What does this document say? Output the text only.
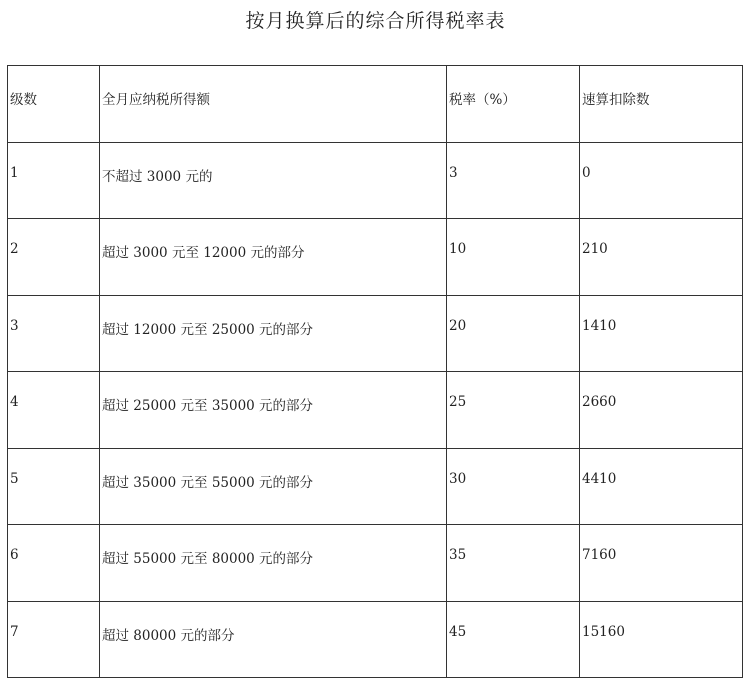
按月换算后的综合所得税率表
级数	全月应纳税所得额	税率（%）	速算扣除数
1	不超过 3000 元的	3	0
2	超过 3000 元至 12000 元的部分	10	210
3	超过 12000 元至 25000 元的部分	20	1410
4	超过 25000 元至 35000 元的部分	25	2660
5	超过 35000 元至 55000 元的部分	30	4410
6	超过 55000 元至 80000 元的部分	35	7160
7	超过 80000 元的部分	45	15160
